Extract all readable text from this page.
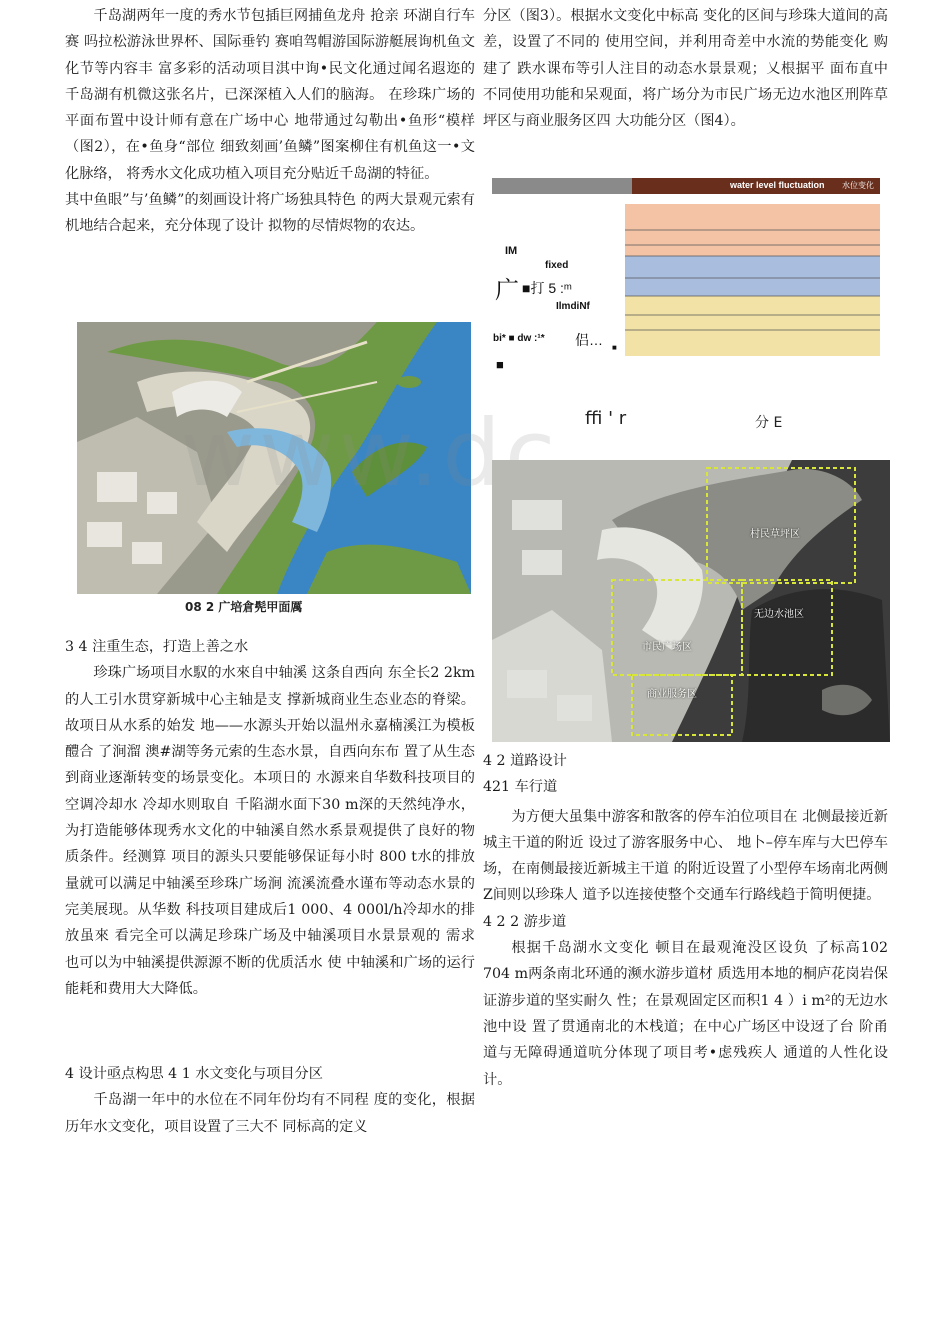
千岛湖两年一度的秀水节包插巨网捕鱼龙舟 抢亲 环湖自行车赛 吗拉松游泳世界杯、国际垂钓 赛咱驾帽游国际游艇展询机鱼文化节等内容丰 富多彩的活动项目淇中询•民文化通过闻名遐迩的 千岛湖有机微这张名片，已深深植入人们的脑海。 在珍珠广场的平面布置中设计师有意在广场中心 地带通过勾勒出•鱼形“模样（图2），在•鱼身“部位 细致刻画’鱼鳞”图案柳住有机鱼这一•文化脉络， 将秀水文化成功植入项目充分贴近千岛湖的特征。

其中鱼眼”与’鱼鳞”的刻画设计将广场独具特色 的两大景观元索有机地结合起来，充分体现了设计 拟物的尽情烬物的农达。

08 2 广培倉髡甲面厲

3 4 注重生态，打造上善之水

珍珠广场项目水馭的水來自中轴溪 这条自西向 东全长2 2km的人工引水贯穿新城中心主轴是支 撑新城商业生态业态的脊梁。故项日从水系的始发 地——水源头开始以温州永嘉楠溪江为模板醴合 了涧溜 澳#湖等务元索的生态水景，自西向东布 置了从生态到商业逐渐转变的场景变化。本项日的 水源来自华数科技项目的空调冷却水 冷却水则取自 千陷湖水面下30 m深的天然纯净水，为打造能够体现秀水文化的中轴溪自然水系景观提供了良好的物 质条件。经测算 项目的源头只要能够保证每小时 800 t水的排放量就可以满足中轴溪至珍珠广场涧 流溪流叠水谨布等动态水景的完美展现。从华数 科技项目建成后1 000、4 000l/h冷却水的排放虽來 看完全可以满足珍珠广场及中轴溪项目水景景观的 需求 也可以为中轴溪提供源源不断的优质活水 使 中轴溪和广场的运行能耗和费用大大降低。

4 设计亟点构思 4 1 水文变化与项目分区

千岛湖一年中的水位在不同年份均有不同程 度的变化，根据历年水文变化，项目设置了三大不 同标高的定义

分区（图3）。根据水文变化中标高 变化的区间与珍珠大道间的高差，设置了不同的 使用空间，并利用奇差中水流的势能变化 购建了 跌水课布等引人注目的动态水景景观；乂根据平 面布直中不同使用功能和呆观面，将广场分为市民广场无边水池区刑阵草坪区与商业服务区四 大功能分区（图4）。

water level fluctuation 水位变化
IM
fixed
广 ■打 5 :ᵐ
IlmdiNf
bi* ■ dw :¹* 侣… ■
■
ffi ' r	分 E
村民草坪区
市民广场区
无边水池区
商业服务区

4 2 道路设计

421 车行道

为方便大虽集中游客和散客的停车泊位项目在 北侧最接近新城主干道的附近 设过了游客服务中心、 地卜–停车库与大巴停车场，在南侧最接近新城主干道 的附近设置了小型停车场南北两侧Z间则以珍珠人 道予以连接使整个交通车行路线趋于简明便捷。

4 2 2 游步道

根据千岛湖水文变化 顿目在最观淹没区设负 了标高102 704 m两条南北环通的濒水游步道材 质选用本地的桐庐花岗岩保证游步道的坚实耐久 性；在景观固定区而积1 4 ）i m²的无边水池中设 置了贯通南北的木栈道；在中心广场区中设迓了台 阶甬道与无障碍通道吭分体现了项目考•虑残疾人 通道的人性化设计。
